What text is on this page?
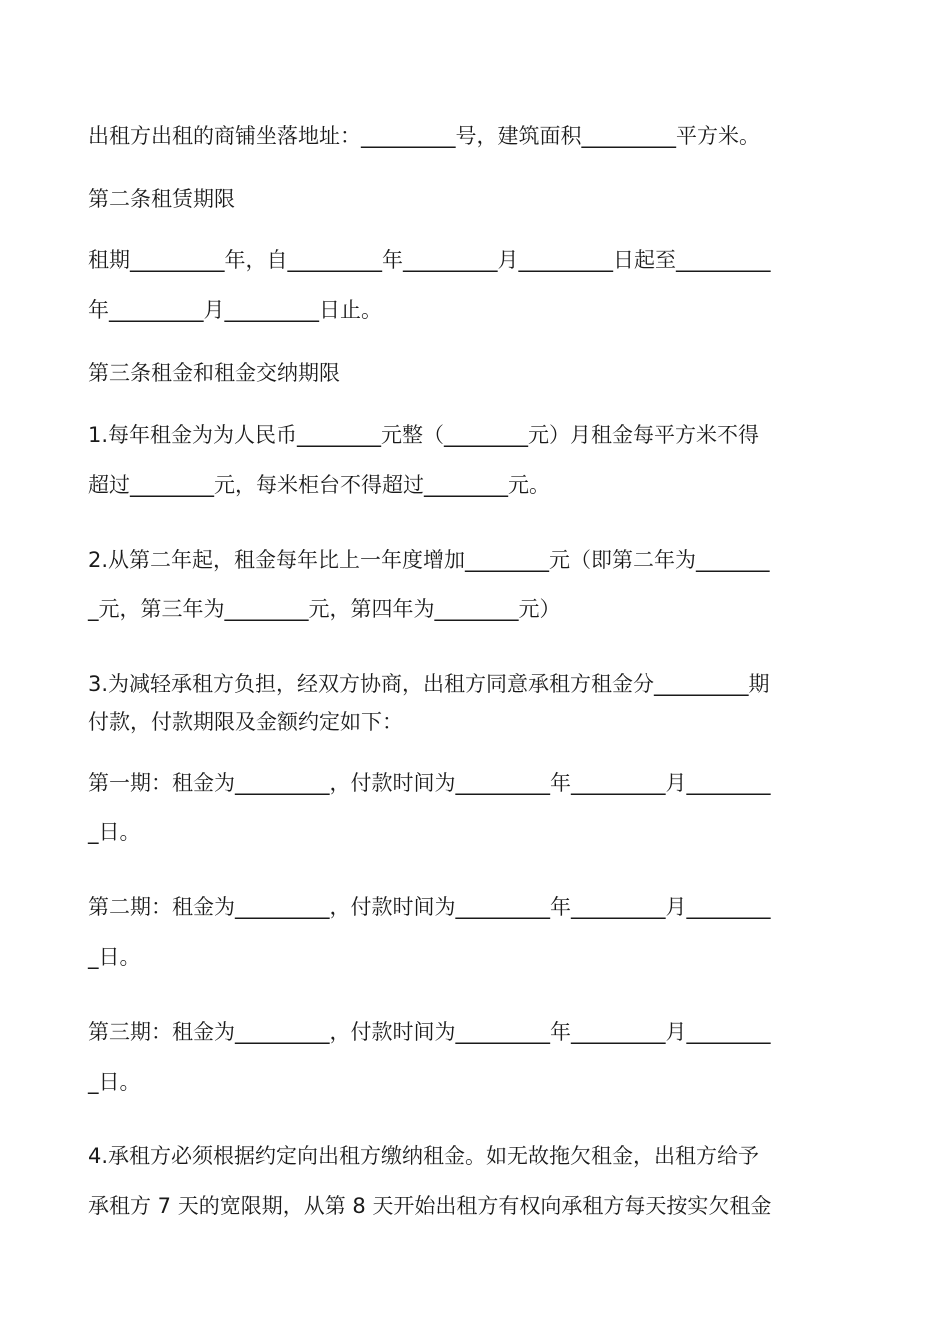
出租方出租的商铺坐落地址：_________号，建筑面积_________平方米。
第二条租赁期限
租期_________年，自_________年_________月_________日起至_________
年_________月_________日止。
第三条租金和租金交纳期限
1.每年租金为为人民币________元整（________元）月租金每平方米不得
超过________元，每米柜台不得超过________元。
2.从第二年起，租金每年比上一年度增加________元（即第二年为_______
_元，第三年为________元，第四年为________元）
3.为减轻承租方负担，经双方协商，出租方同意承租方租金分_________期
付款，付款期限及金额约定如下：
第一期：租金为_________，付款时间为_________年_________月________
_日。
第二期：租金为_________，付款时间为_________年_________月________
_日。
第三期：租金为_________，付款时间为_________年_________月________
_日。
4.承租方必须根据约定向出租方缴纳租金。如无故拖欠租金，出租方给予
承租方 7 天的宽限期，从第 8 天开始出租方有权向承租方每天按实欠租金
